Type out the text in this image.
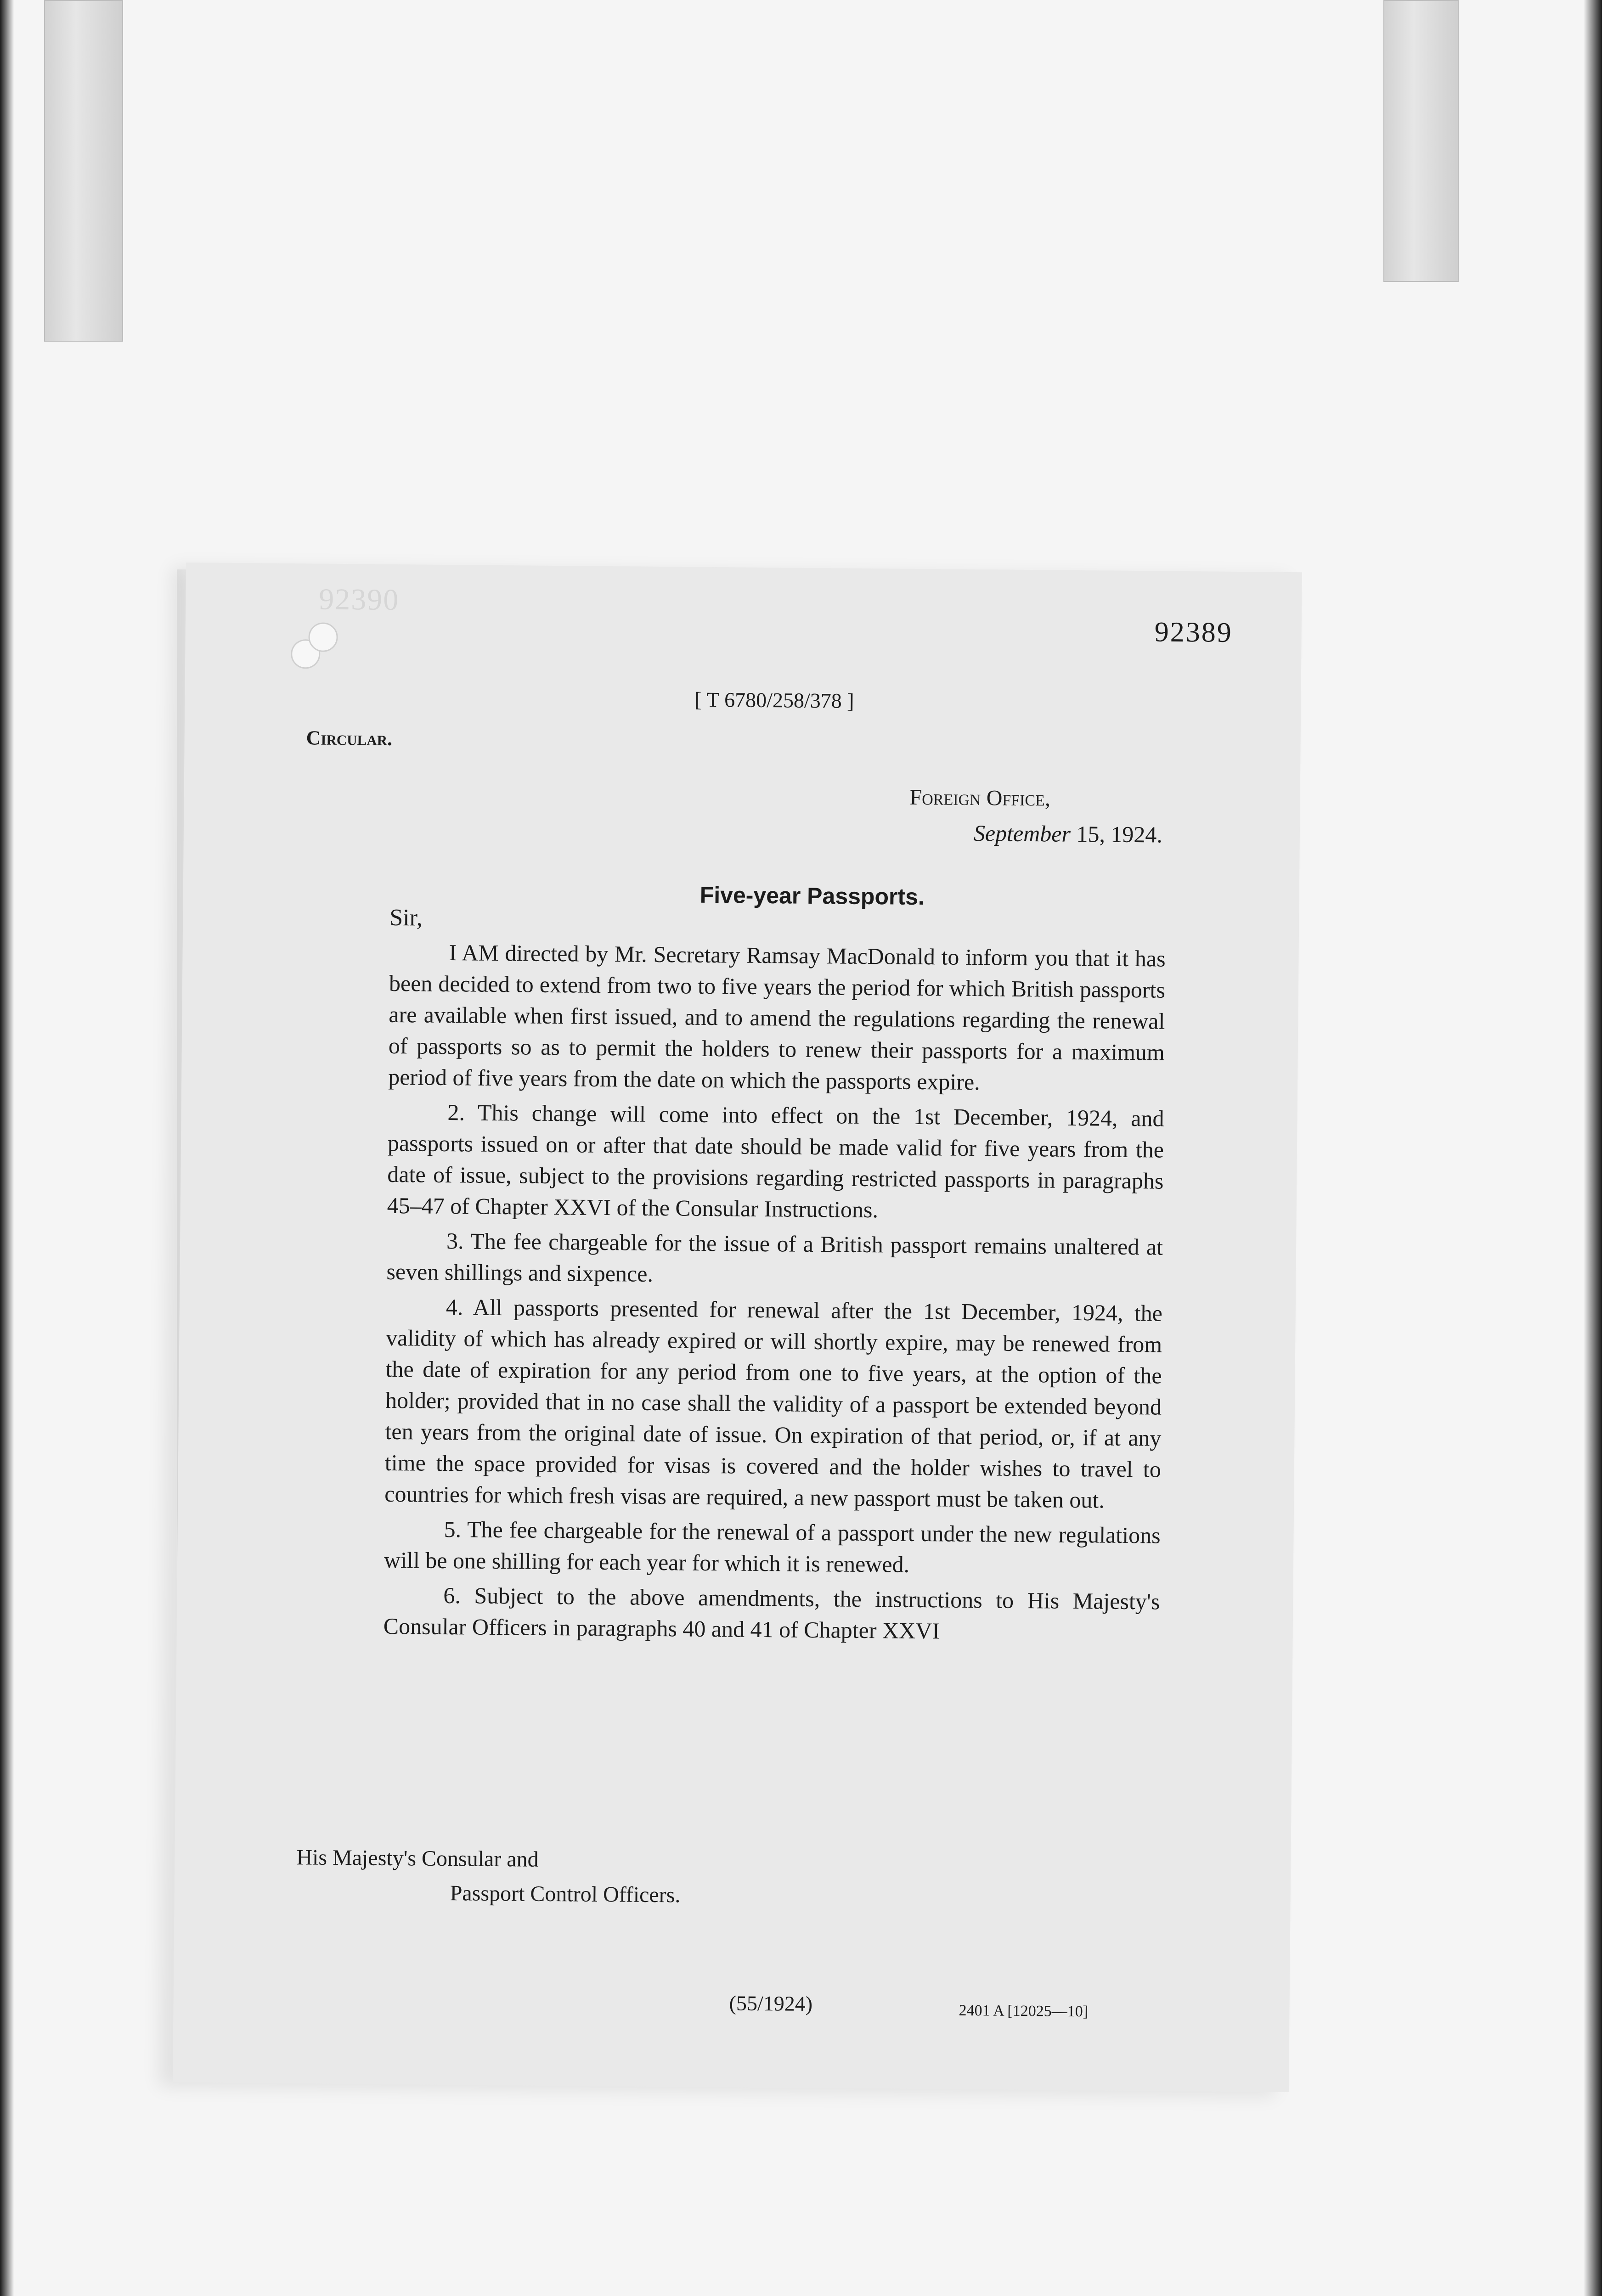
92390
92389
[ T 6780/258/378 ]
Circular.
Foreign Office,
September 15, 1924.
Five-year Passports.
Sir,

I AM directed by Mr. Secretary Ramsay MacDonald to inform you that it has been decided to extend from two to five years the period for which British passports are available when first issued, and to amend the regulations regarding the renewal of passports so as to permit the holders to renew their passports for a maximum period of five years from the date on which the passports expire.

2. This change will come into effect on the 1st December, 1924, and passports issued on or after that date should be made valid for five years from the date of issue, subject to the provisions regarding restricted passports in paragraphs 45–47 of Chapter XXVI of the Consular Instructions.

3. The fee chargeable for the issue of a British passport remains unaltered at seven shillings and sixpence.

4. All passports presented for renewal after the 1st December, 1924, the validity of which has already expired or will shortly expire, may be renewed from the date of expiration for any period from one to five years, at the option of the holder; provided that in no case shall the validity of a passport be extended beyond ten years from the original date of issue. On expiration of that period, or, if at any time the space provided for visas is covered and the holder wishes to travel to countries for which fresh visas are required, a new passport must be taken out.

5. The fee chargeable for the renewal of a passport under the new regulations will be one shilling for each year for which it is renewed.

6. Subject to the above amendments, the instructions to His Majesty's Consular Officers in paragraphs 40 and 41 of Chapter XXVI

His Majesty's Consular and
Passport Control Officers.
(55/1924)	2401 A [12025—10]
